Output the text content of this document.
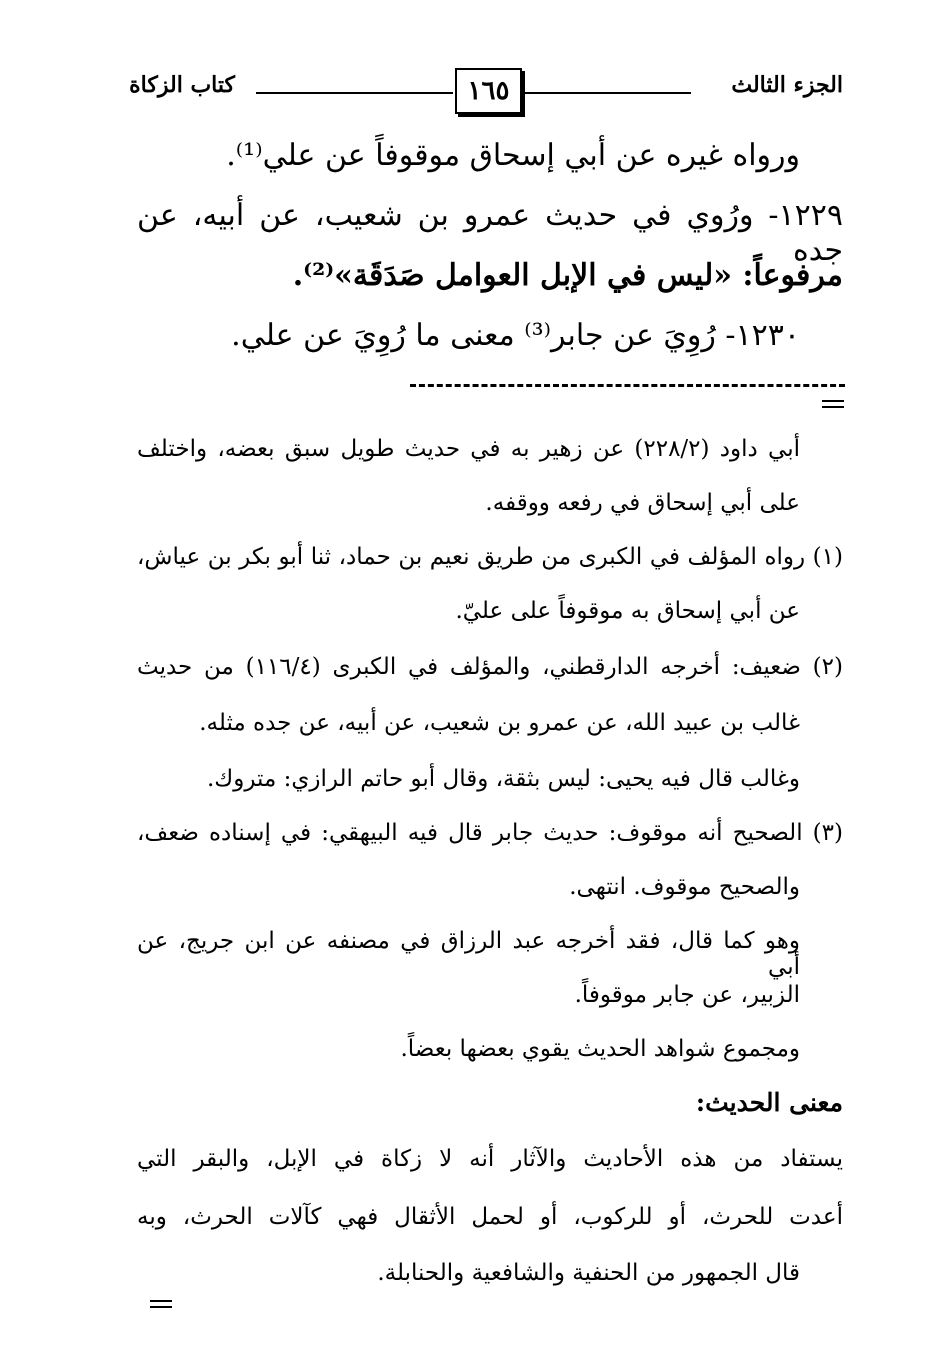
الجزء الثالث
١٦٥
كتاب الزكاة
ورواه غيره عن أبي إسحاق موقوفاً عن علي⁽¹⁾.
١٢٢٩- ورُوي في حديث عمرو بن شعيب، عن أبيه، عن جده
مرفوعاً: «ليس في الإبل العوامل صَدَقَة»⁽²⁾.
١٢٣٠- رُوِيَ عن جابر⁽³⁾ معنى ما رُوِيَ عن علي.
أبي داود (٢٢٨/٢) عن زهير به في حديث طويل سبق بعضه، واختلف
على أبي إسحاق في رفعه ووقفه.
(١) رواه المؤلف في الكبرى من طريق نعيم بن حماد، ثنا أبو بكر بن عياش،
عن أبي إسحاق به موقوفاً على عليّ.
(٢) ضعيف: أخرجه الدارقطني، والمؤلف في الكبرى (١١٦/٤) من حديث
غالب بن عبيد الله، عن عمرو بن شعيب، عن أبيه، عن جده مثله.
وغالب قال فيه يحيى: ليس بثقة، وقال أبو حاتم الرازي: متروك.
(٣) الصحيح أنه موقوف: حديث جابر قال فيه البيهقي: في إسناده ضعف،
والصحيح موقوف. انتهى.
وهو كما قال، فقد أخرجه عبد الرزاق في مصنفه عن ابن جريج، عن أبي
الزبير، عن جابر موقوفاً.
ومجموع شواهد الحديث يقوي بعضها بعضاً.
معنى الحديث:
يستفاد من هذه الأحاديث والآثار أنه لا زكاة في الإبل، والبقر التي
أعدت للحرث، أو للركوب، أو لحمل الأثقال فهي كآلات الحرث، وبه
قال الجمهور من الحنفية والشافعية والحنابلة.
